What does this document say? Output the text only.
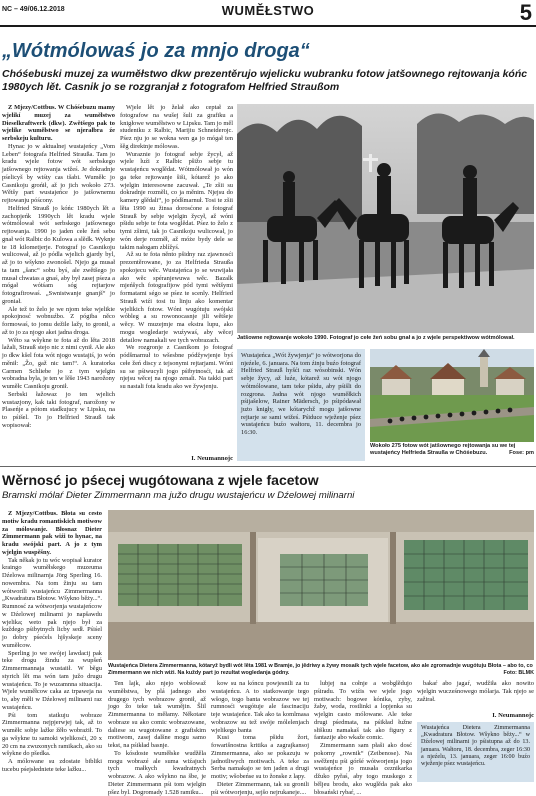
NC – 49/06.12.2018	WUMĚŁSTWO	5
„Wótmólowaś jo za mnjo droga“
Chóśebuski muzej za wuměłstwo dkw prezentěrujo wjelicku wubranku fotow jatšownego rejtowanja kóńc 1980ych lět. Casnik jo se rozgranjał z fotografom Helfried Straußom

Z Mjezy/Cottbus. W Chóśebuzu mamy wjelikí muzej za wuměłstwo Dieselkraftwerk (dkw). Zwětšego pak to wjelike wuměłstwo se njerałbra źe serbskeju kulturu.

Hynac jo w aktualnej wustajeńcy „Vom Leben“ fotografa Helfried Straußa. Tam jo kradu wjele fotow wót serbskego jatšownego rejtowanja wižeś. Je dokradnje pśelicyš by wiśty cas tšabi. Wuměłc jo Casnikoju grońił, až jo jich wokoło 273. Wětšy part wustajeńce jo jatšownemu rejtowanju póścony.

Helfried Strauß jo kóńc 1980ych lět a zachopjeńk 1990ych lět kradu wjele wótmólował wót serbskego jatšownego rejtowanja. 1990 jo jaden cełe žeń sebu gnał wót Ralbic do Kulowa a slědk. Wyknje te 18 kilometjerje. Fotograf jo Casnikoju wulicował, až jo pódla wjelich gjardy byl, až jo to wšykno zwonošel. Njejo ga musał ta tam „šanc“ sobu byś, ale zwětšego jo musał chwatas a gnaś, aby był zasej pśeza a mógał wótśam sóg rejtarjow fotografirowaś. „Swnistwanje gnanjš“ jo groniał.

Ale tež to želo je we njom teke wjelikie spokojnosć wobnuźbo. Z pógiba něco formowaś, to jomu dežile lažy, to gronił, a až to jo za njogo akei jadna droga.

Wěto sa wšykne te fota až do lěta 2018 lažali, Strauß stejo nic z nimi cynił. Ale ako jo dkw kšel fota wót njogo wustajiś, jo wón měnił: „Žo, gaž nic tam!“. A kuratorka Carmen Schliebe jo z tym wjelgin wobradna byla, je ten w lěše 1943 narožony wuměłc Casnikoju gronił.

Serbski łažowaz jo ten wjelich wustazjony, kak taki fotograf, narožony w Plaseńje a pótom stadkujucy w Lipsku, na to pśišel. To jo Helfried Strauß tak wopisował:

Wjele lět jo želał ako ceptał za fotografow na wušej šuli za grafiku a knigłowe wuměłstwo w Lipsku. Tam jo měl studentku z Ralbic, Marijiu Schneiderojc. Pśez nju jo se wokna wen ga jo mógał ten šěg direktnje mólowas.

Wuraznie jo fotograf sebje žycył, až wjele luźi z Ralbic pšižo sebje tu wustajeńcu woglědat. Wótmólował jo wón ga teke rejtowanje šiši, kótarež jo ako wjelgin interesowne zacuwał. „Te zšii su dokradnje rozměli, co ja měnim. Njejsu do kamery glědali“, jo pódšmarnuł. Tosi te zšii lěta 1990 su žinsa dorosćone a fotograf Strauß by sebje wjelgin žycył, až wóni pšidu sebje te fota woglědat. Pśez to želo z tymi zšimi, tak jo Casnikoju wulicował, jo wón derje rozměł, až móże bydy dele se takim nałogam zblížyś.

Až su te fota něnto pšidny raz zjawnosći prezentěrowane, jo za Helfrieda Straußa spokojecu wěc. Wustajeńca jo se wuwijała ako wěc spéranjewuwa wěc. Bazalk mjeńšych fotografijow pód tymi wětšymi formatami ségo se pśez te scenly. Helfried Strauß wiźi tosi tu linju ako komentar wjelikich fotow. Wóni wugótuju swójski wóbleg a su rowonocasnje jili wětšeje wěcy. W muzejmje ma ekstra lupu, ako mogu wogledarje wuźywaś, aby wěcej detailow namakali we tych wobrazach.

We rozgronje z Casnikom jo fotograf pódšmarnuł to wšesbne pódžywjenje byś cełe žeń discy z tejsonymi rejtarjami. Wóni su se pśiwucyli jogo pśibytnosći, tak až njejsu wěcej na njogo zenali. Na takki part su nastali fota kradu ako we žywjenju.

I. Neumannojc
Jatšowne rejtowanje wokoło 1990. Fotograf jo cełe žeń sobu gnał a jo z wjele perspektiwow wótmólował.
Wustajeńca „Wót žywjenja“ jo wótworjona do njeźele, 6. januara. Na tom źinju buźo fotograf Helfried Strauß hyšći raz wósobinski. Wón sebje žycy, až luźe, kótarež su wót njogo wótmólowane, tam teke pśidu, aby pśišli do rozgrona. Jadna wót njogo wuměłkich pśijašelow, Rainer Mädersch, jo pśipódawał jużo knigły, we kótarychž mogu jatšowne rejtarje se sami wižeś. Pśiduce wježenje pśez wustajeńcu buźo wałtoru, 11. decembra jo 16:30.
Wokoło 275 fotow wót jatšownego rejtowanja su we tej wustajeńcy Helfrieda Straußa w Chóśebuzu.	Fose: pm
Wěrnosć jo pśecej wugótowana z wjele facetow
Bramski mólaŕ Dieter Zimmermann ma južo drugu wustajeńcu w Dźelowej milinarni

Z Mjezy/Cottbus. Błota su cesto motiw kradu romantiskich motiwow za mólowanje. Błosnaz Dieter Zimmermann pak wiźi to hynac, na kradu swójski part. A jo z tym wjelgin wuspěšny.

Tak někak jo tu wóc wopisał kurator kraingo wuměłskego muzeuma Dźelowa milinarnja Jörg Sperling 16. nowembra. Na tom žinju su tam wótworili wustajeńcu Zimmermanna „Kwadratura Błotow. Wšykno běży...“. Rumnosć za wótworjenja wustajeńcow w Dźelowej milinarni jo napšawdu wjelika; weto pak njejo był za kuždego pśibytnych licby sedł. Pśiśel jo dobry pśećels hjšyskeje sceny wuměłcow.

Sperling jo we swójej lawdacij pak teke drogu žindu za wupšeń Zimmermannaja wustaiił. W běgu styrich lět ma wón tam južo drugu wustajeńcu. To je wuzamnna situacija. Wjele wuměłcow caka az trpaweja na to, aby měli w Dźelowej milinarni raz wustajeńcu.

Pśi tom statkuju wobraze Zimmermanna nejpjerwjej tak, až to wuměłc sobje lažke žěło wobrażił. To ga wšykne tu samoki wjelikosći, 20 x 20 cm na zwuxonych ramikach, ako su wšykne do pšedka.

A mólowane su zdostate bibliki tucebu pśejsłedniete teke lažku...

Wustajeńca Dietera Zimmermanna, kótaryž bydli wót lěta 1981 w Bramje, jo jědriwy a žywy mosaik tych wjele facetow, ako ale zgromadnje wugótuju Błota – abo to, co Zimmermann we nich wiźi. Na kuždy part jo rezultat wogledanja gódny.	Foto: BLMK

Ten lajk, ako njejo wobšowaž wuměłstwa, by plá jadnego abo drugego tych wobrazow gronił, až jogo žo teke tak wumějin. Šlil Zimmermanna to měłamy. Někotare wobraze su ako comic wobrazowane, daliese su wugotowane z grafiskim motiwom, zasej dalšne mogu samo tekst, na pśikład basnje.

To kósdoste wuměłske wudžěla mogu wobrazé ale suma wiźajuch tych małkych kwadratnych wobrazow. A ako wšykno na šbe, je Dieter Zimmermann pśi tom wjelgin pšez byl. Dogromady 1.528 ramiku...

kow su na kóncu powjesnili za tu wustajeńcu. A to statkowanje tego wšogo, togo banta wobrazow we tej rumnosći wugótuje ale fascinaciju teje wustajeńce. Tak ako ta komlmasa wobrazow su tež swóje mólelenjach wjelikego banta

Kusi toma pšidu žort, fowarišnostna kritika a zagrajkansoj Zimmermanna, ako se pokazuju w jadnotliwych motiwach. A teke za Serba namakajo se ten jaden a drugi motiv; wšobeńse su to žonske z lapy.

Dieter Zimmermann, tak su gronili pśi wótworjenju, sejšo nejrukaneje....

lubjej na cołnje a wobglědujo pśiradu. To wiźis we wjele jogo motiwach: bogowe kónika, zyby, žaby, woda, rostlinki a lopjenka su wjelgin casto mólowane. Ale teke drugi pśedmata, na pśikład łužne słiškuu namakaš tak ako figury z fantazije abo wkaže comic.

Zimmermann sam płaši ako dosć pokorny „rownik“ (Zeibenose). Na swěženju pśi góršé wótworjenja jogo wustajeńce jo musała ceznikarka džuko pyřaś, aby togo muskego z běljeu brodu, ako wuglěda pak ako błosański rybaŕ, ...

bakaŕ abo jagaŕ, wudžiła ako nowito wjelgin wucześnowego mólarja. Tak njejo se zažirał.

I. Neumannojc
Wustajeńca Dietera Zimmermanna „Kwadratura Błotow. Wšykno běży...“ w Dźelowej milinarni jo pśistupna až do 13. januara. Wałtoru, 18. decembra, zeger 16:30 a njeźelu, 13. januara, zeger 16:00 buźo wježenje pśez wustajeńcu.
